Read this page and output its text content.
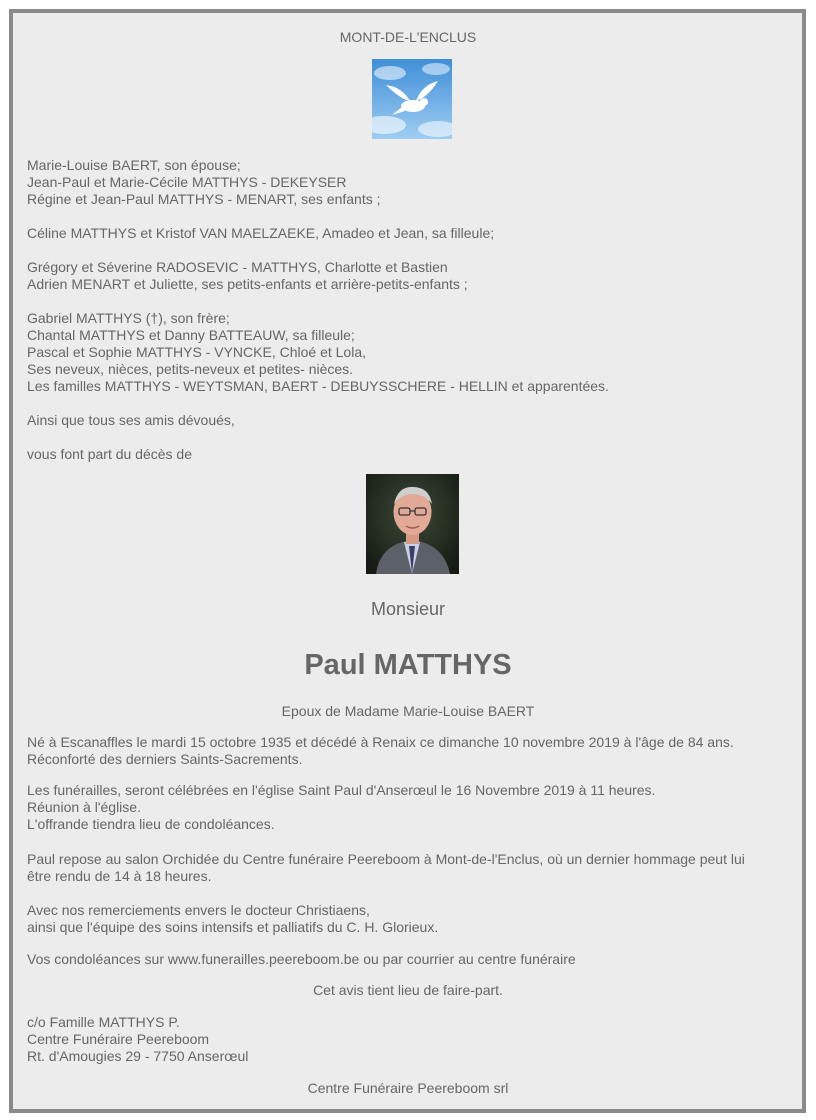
MONT-DE-L'ENCLUS
Marie-Louise BAERT, son épouse;
Jean-Paul et Marie-Cécile MATTHYS - DEKEYSER
Régine et Jean-Paul MATTHYS - MENART, ses enfants ;
Céline MATTHYS et Kristof VAN MAELZAEKE, Amadeo et Jean, sa filleule;
Grégory et Séverine RADOSEVIC - MATTHYS, Charlotte et Bastien
Adrien MENART et Juliette, ses petits-enfants et arrière-petits-enfants ;
Gabriel MATTHYS (†), son frère;
Chantal MATTHYS et Danny BATTEAUW, sa filleule;
Pascal et Sophie MATTHYS - VYNCKE, Chloé et Lola,
Ses neveux, nièces, petits-neveux et petites- nièces.
Les familles MATTHYS - WEYTSMAN, BAERT - DEBUYSSCHERE - HELLIN et apparentées.
Ainsi que tous ses amis dévoués,
vous font part du décès de
Monsieur
Paul MATTHYS
Epoux de Madame Marie-Louise BAERT
Né à Escanaffles le mardi 15 octobre 1935 et décédé à Renaix ce dimanche 10 novembre 2019 à l'âge de 84 ans.
Réconforté des derniers Saints-Sacrements.
Les funérailles, seront célébrées en l'église Saint Paul d'Anserœul le 16 Novembre 2019 à 11 heures.
Réunion à l'église.
L'offrande tiendra lieu de condoléances.
Paul repose au salon Orchidée du Centre funéraire Peereboom à Mont-de-l'Enclus, où un dernier hommage peut lui
être rendu de 14 à 18 heures.
Avec nos remerciements envers le docteur Christiaens,
ainsi que l'équipe des soins intensifs et palliatifs du C. H. Glorieux.
Vos condoléances sur www.funerailles.peereboom.be ou par courrier au centre funéraire
Cet avis tient lieu de faire-part.
c/o Famille MATTHYS P.
Centre Funéraire Peereboom
Rt. d'Amougies 29 - 7750 Anserœul
Centre Funéraire Peereboom srl
